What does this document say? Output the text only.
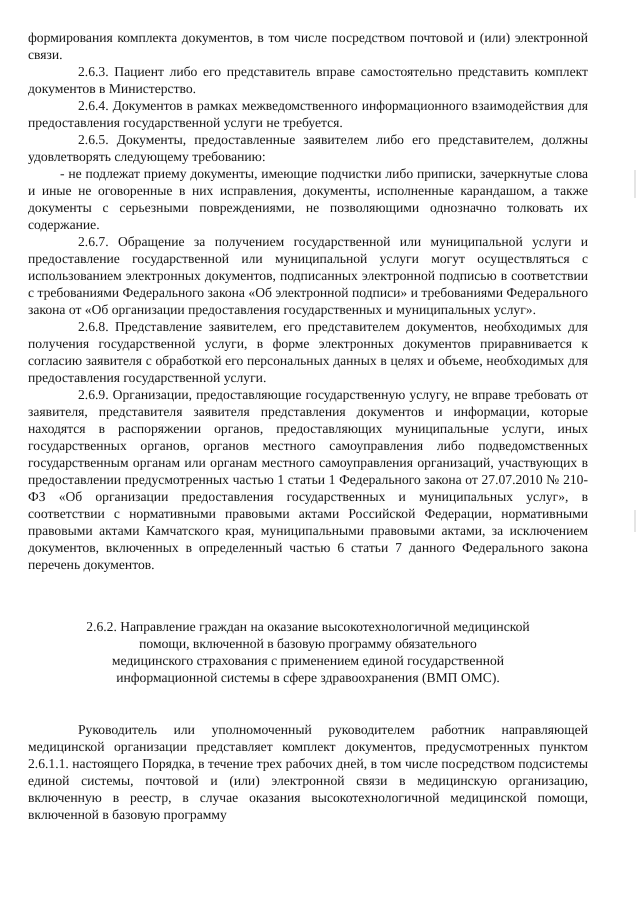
формирования комплекта документов, в том числе посредством почтовой и (или) электронной связи.

2.6.3. Пациент либо его представитель вправе самостоятельно представить комплект документов в Министерство.

2.6.4. Документов в рамках межведомственного информационного взаимодействия для предоставления государственной услуги не требуется.

2.6.5. Документы, предоставленные заявителем либо его представителем, должны удовлетворять следующему требованию:

- не подлежат приему документы, имеющие подчистки либо приписки, зачеркнутые слова и иные не оговоренные в них исправления, документы, исполненные карандашом, а также документы с серьезными повреждениями, не позволяющими однозначно толковать их содержание.

2.6.7. Обращение за получением государственной или муниципальной услуги и предоставление государственной или муниципальной услуги могут осуществляться с использованием электронных документов, подписанных электронной подписью в соответствии с требованиями Федерального закона «Об электронной подписи» и требованиями Федерального закона от «Об организации предоставления государственных и муниципальных услуг».

2.6.8. Представление заявителем, его представителем документов, необходимых для получения государственной услуги, в форме электронных документов приравнивается к согласию заявителя с обработкой его персональных данных в целях и объеме, необходимых для предоставления государственной услуги.

2.6.9. Организации, предоставляющие государственную услугу, не вправе требовать от заявителя, представителя заявителя представления документов и информации, которые находятся в распоряжении органов, предоставляющих муниципальные услуги, иных государственных органов, органов местного самоуправления либо подведомственных государственным органам или органам местного самоуправления организаций, участвующих в предоставлении предусмотренных частью 1 статьи 1 Федерального закона от 27.07.2010 № 210-ФЗ «Об организации предоставления государственных и муниципальных услуг», в соответствии с нормативными правовыми актами Российской Федерации, нормативными правовыми актами Камчатского края, муниципальными правовыми актами, за исключением документов, включенных в определенный частью 6 статьи 7 данного Федерального закона перечень документов.

2.6.2. Направление граждан на оказание высокотехнологичной медицинской
помощи, включенной в базовую программу обязательного
медицинского страхования с применением единой государственной
информационной системы в сфере здравоохранения (ВМП ОМС).

Руководитель или уполномоченный руководителем работник направляющей медицинской организации представляет комплект документов, предусмотренных пунктом 2.6.1.1. настоящего Порядка, в течение трех рабочих дней, в том числе посредством подсистемы единой системы, почтовой и (или) электронной связи в медицинскую организацию, включенную в реестр, в случае оказания высокотехнологичной медицинской помощи, включенной в базовую программу
